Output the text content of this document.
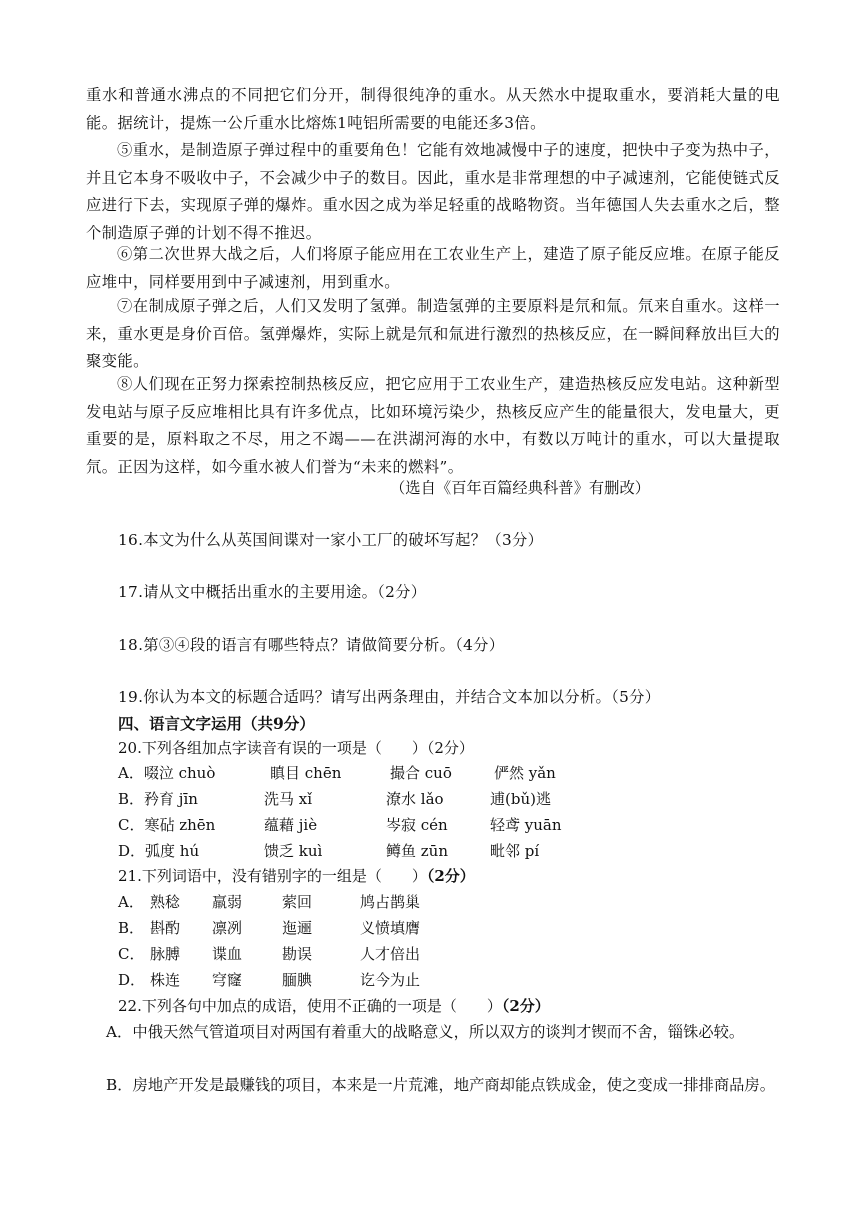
重水和普通水沸点的不同把它们分开，制得很纯净的重水。从天然水中提取重水，要消耗大量的电能。据统计，提炼一公斤重水比熔炼1吨铝所需要的电能还多3倍。

⑤重水，是制造原子弹过程中的重要角色！它能有效地减慢中子的速度，把快中子变为热中子，并且它本身不吸收中子，不会减少中子的数目。因此，重水是非常理想的中子减速剂，它能使链式反应进行下去，实现原子弹的爆炸。重水因之成为举足轻重的战略物资。当年德国人失去重水之后，整个制造原子弹的计划不得不推迟。

⑥第二次世界大战之后，人们将原子能应用在工农业生产上，建造了原子能反应堆。在原子能反应堆中，同样要用到中子减速剂，用到重水。

⑦在制成原子弹之后，人们又发明了氢弹。制造氢弹的主要原料是氘和氚。氘来自重水。这样一来，重水更是身价百倍。氢弹爆炸，实际上就是氘和氚进行激烈的热核反应，在一瞬间释放出巨大的聚变能。

⑧人们现在正努力探索控制热核反应，把它应用于工农业生产，建造热核反应发电站。这种新型发电站与原子反应堆相比具有许多优点，比如环境污染少，热核反应产生的能量很大，发电量大，更重要的是，原料取之不尽，用之不竭——在洪湖河海的水中，有数以万吨计的重水，可以大量提取氘。正因为这样，如今重水被人们誉为“未来的燃料”。

（选自《百年百篇经典科普》有删改）

16.本文为什么从英国间谍对一家小工厂的破坏写起？（3分）

17.请从文中概括出重水的主要用途。（2分）

18.第③④段的语言有哪些特点？请做简要分析。（4分）

19.你认为本文的标题合适吗？请写出两条理由，并结合文本加以分析。（5分）

四、语言文字运用（共9分）

20.下列各组加点字读音有误的一项是（　　）（2分）

A．啜泣 chuò	瞋目 chēn	撮合 cuō	俨然 yǎn
B．矜育 jīn	洗马 xǐ	潦水 lǎo	逋(bǔ)逃
C．寒砧 zhēn	蕴藉 jiè	岑寂 cén	轻鸢 yuān
D．弧度 hú	馈乏 kuì	鳟鱼 zūn	毗邻 pí

21.下列词语中，没有错别字的一组是（　　）（2分）

A． 熟稔 羸弱	萦回	鸠占鹊巢
B． 斟酌 凛冽	迤逦	义愤填膺
C． 脉膊 谍血	勘误	人才倍出
D． 株连 穹窿	腼腆	讫今为止

22.下列各句中加点的成语，使用不正确的一项是（　　）（2分）

A．中俄天然气管道项目对两国有着重大的战略意义，所以双方的谈判才锲而不舍，锱铢必较。

B．房地产开发是最赚钱的项目，本来是一片荒滩，地产商却能点铁成金，使之变成一排排商品房。
